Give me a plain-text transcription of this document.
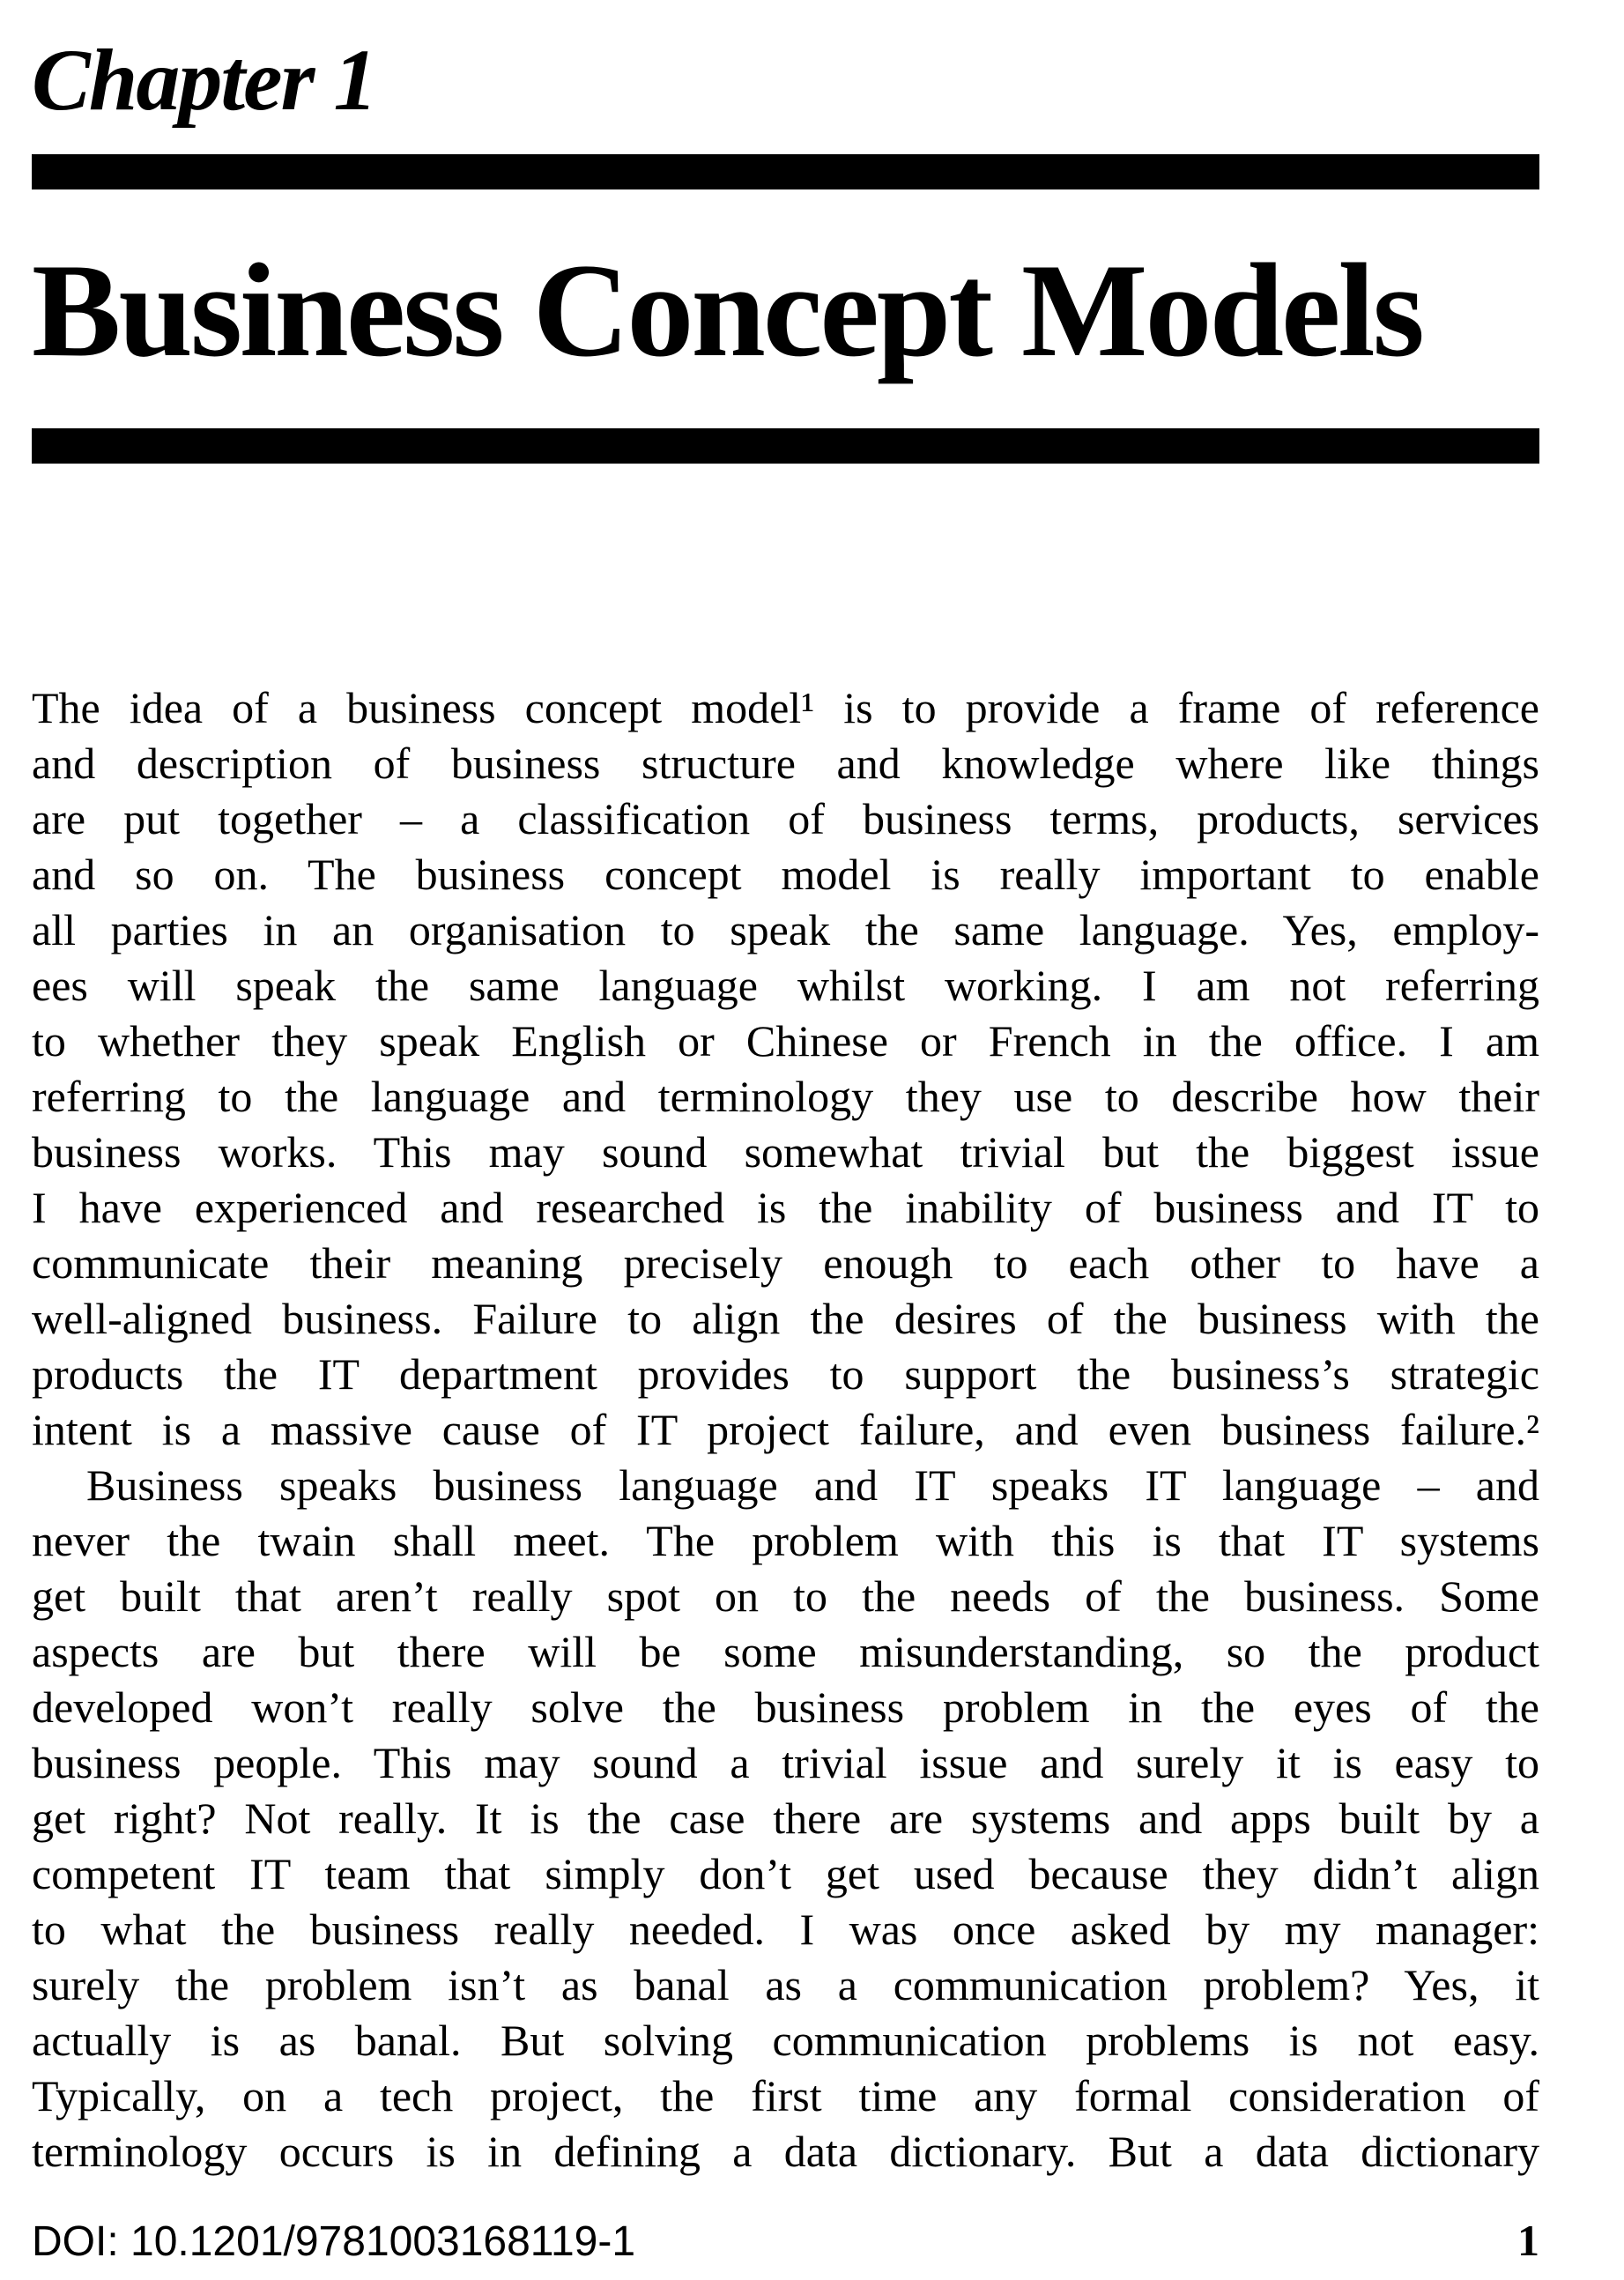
Chapter 1
Business Concept Models
The idea of a business concept model¹ is to provide a frame of reference
and description of business structure and knowledge where like things
are put together – a classification of business terms, products, services
and so on. The business concept model is really important to enable
all parties in an organisation to speak the same language. Yes, employ-
ees will speak the same language whilst working. I am not referring
to whether they speak English or Chinese or French in the office. I am
referring to the language and terminology they use to describe how their
business works. This may sound somewhat trivial but the biggest issue
I have experienced and researched is the inability of business and IT to
communicate their meaning precisely enough to each other to have a
well-aligned business. Failure to align the desires of the business with the
products the IT department provides to support the business’s strategic
intent is a massive cause of IT project failure, and even business failure.²
Business speaks business language and IT speaks IT language – and
never the twain shall meet. The problem with this is that IT systems
get built that aren’t really spot on to the needs of the business. Some
aspects are but there will be some misunderstanding, so the product
developed won’t really solve the business problem in the eyes of the
business people. This may sound a trivial issue and surely it is easy to
get right? Not really. It is the case there are systems and apps built by a
competent IT team that simply don’t get used because they didn’t align
to what the business really needed. I was once asked by my manager:
surely the problem isn’t as banal as a communication problem? Yes, it
actually is as banal. But solving communication problems is not easy.
Typically, on a tech project, the first time any formal consideration of
terminology occurs is in defining a data dictionary. But a data dictionary
DOI: 10.1201/9781003168119-1	1
